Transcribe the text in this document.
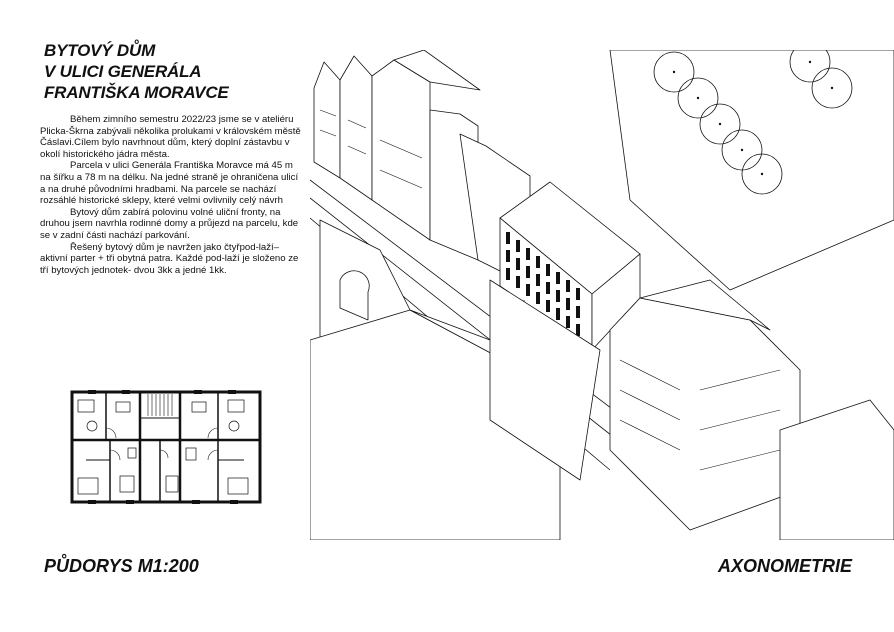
BYTOVÝ DŮM
V ULICI GENERÁLA
FRANTIŠKA MORAVCE

Během zimního semestru 2022/23 jsme se v ateliéru Plicka-Škrna zabývali několika prolukami v královském městě Čáslavi.Cílem bylo navrhnout dům, který doplní zástavbu v okolí historického jádra města.

Parcela v ulici Generála Františka Moravce má 45 m na šířku a 78 m na délku. Na jedné straně je ohraničena ulicí a na druhé původními hradbami. Na parcele se nachází rozsáhlé historické sklepy, které velmi ovlivnily celý návrh

Bytový dům zabírá polovinu volné uliční fronty, na druhou jsem navrhla rodinné domy a průjezd na parcelu, kde se v zadní části nachází parkování.

Řešený bytový dům je navržen jako čtyřpod-laží– aktivní parter + tři obytná patra. Každé pod-laží je složeno ze tří bytových jednotek- dvou 3kk a jedné 1kk.

PŮDORYS M1:200	AXONOMETRIE
